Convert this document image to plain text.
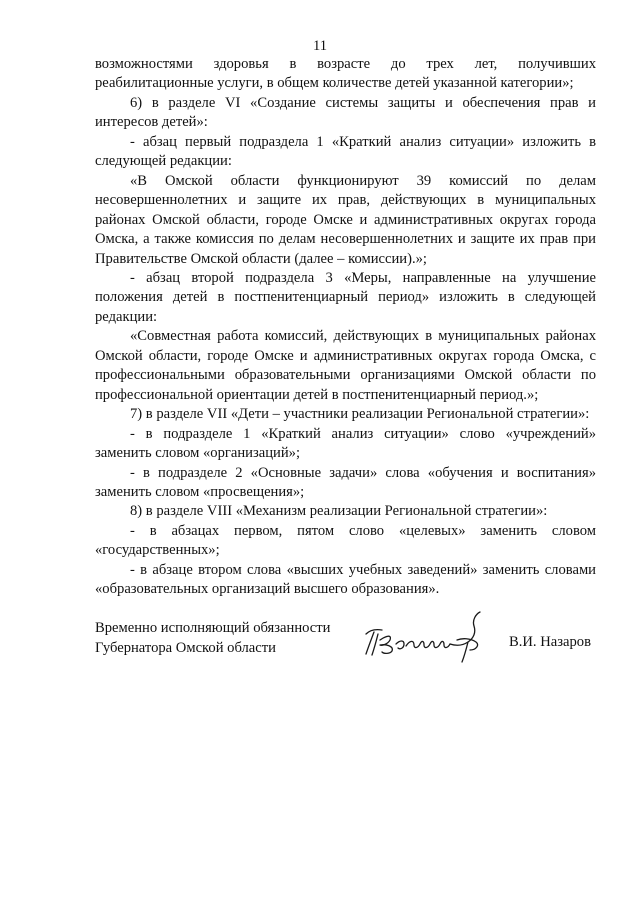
11

возможностями здоровья в возрасте до трех лет, получивших реабилитационные услуги, в общем количестве детей указанной категории»;

6) в разделе VI «Создание системы защиты и обеспечения прав и интересов детей»:

- абзац первый подраздела 1 «Краткий анализ ситуации» изложить в следующей редакции:

«В Омской области функционируют 39 комиссий по делам несовершеннолетних и защите их прав, действующих в муниципальных районах Омской области, городе Омске и административных округах города Омска, а также комиссия по делам несовершеннолетних и защите их прав при Правительстве Омской области (далее – комиссии).»;

- абзац второй подраздела 3 «Меры, направленные на улучшение положения детей в постпенитенциарный период» изложить в следующей редакции:

«Совместная работа комиссий, действующих в муниципальных районах Омской области, городе Омске и административных округах города Омска, с профессиональными образовательными организациями Омской области по профессиональной ориентации детей в постпенитенциарный период.»;

7) в разделе VII «Дети – участники реализации Региональной стратегии»:

- в подразделе 1 «Краткий анализ ситуации» слово «учреждений» заменить словом «организаций»;

- в подразделе 2 «Основные задачи» слова «обучения и воспитания» заменить словом «просвещения»;

8) в разделе VIII «Механизм реализации Региональной стратегии»:

- в абзацах первом, пятом слово «целевых» заменить словом «государственных»;

- в абзаце втором слова «высших учебных заведений» заменить словами «образовательных организаций высшего образования».

Временно исполняющий обязанности
Губернатора Омской области	В.И. Назаров
